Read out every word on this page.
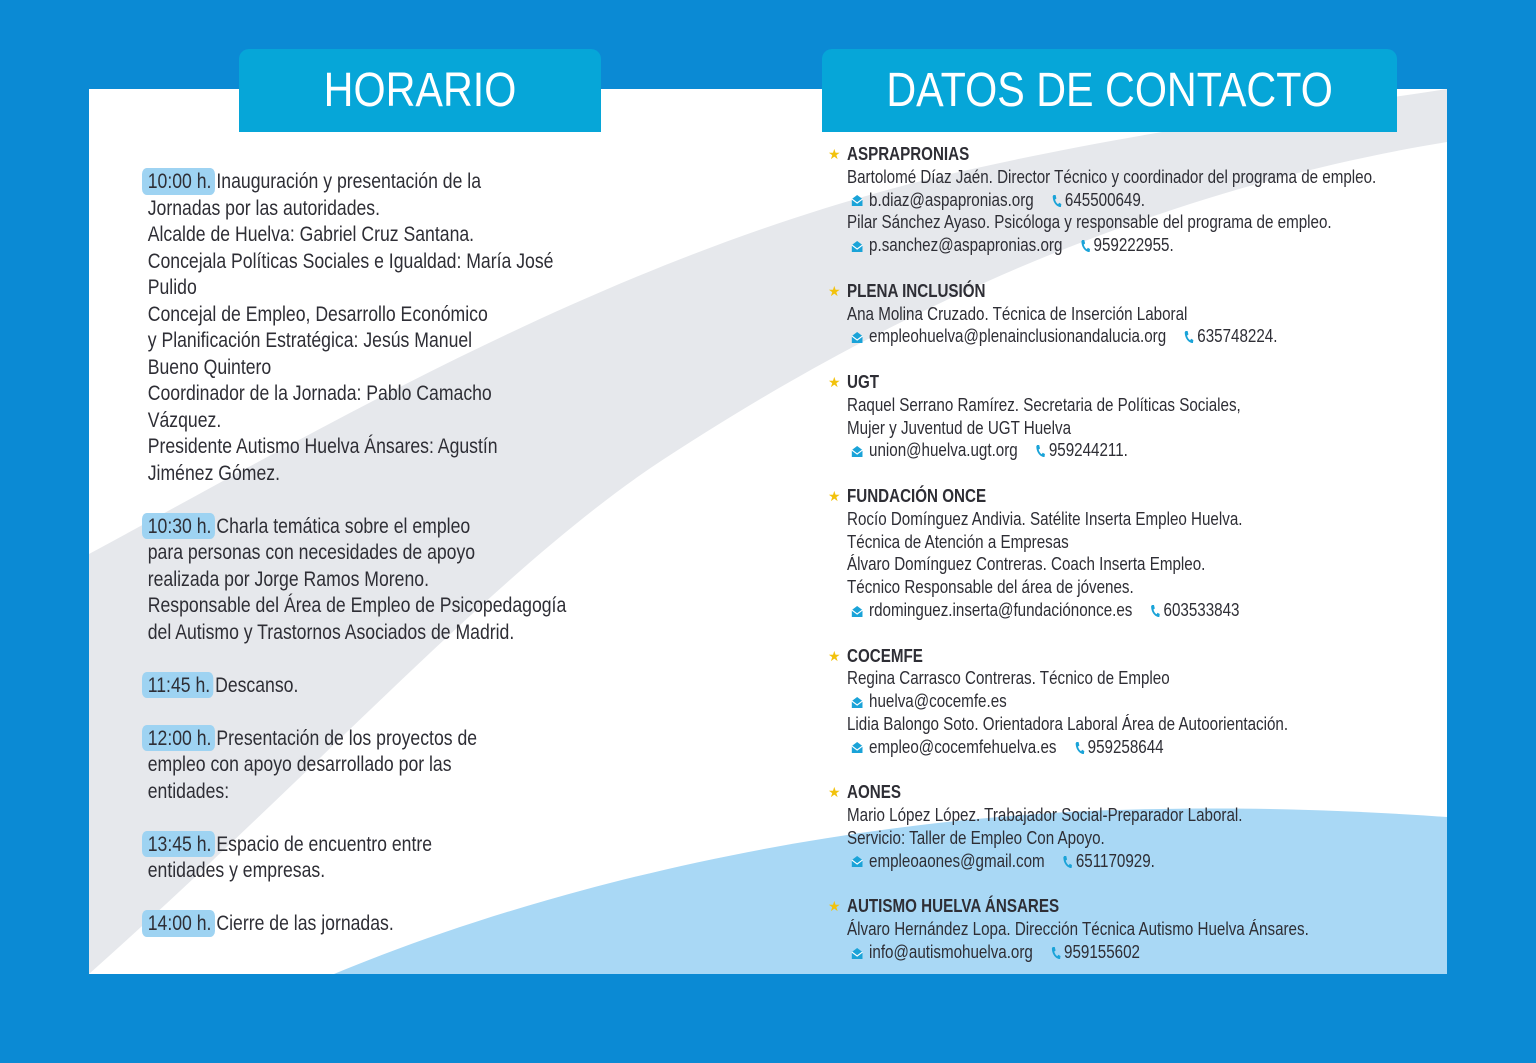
HORARIO	DATOS DE CONTACTO
10:00 h. Inauguración y presentación de la
Jornadas por las autoridades.
Alcalde de Huelva: Gabriel Cruz Santana.
Concejala Políticas Sociales e Igualdad: María José
Pulido
Concejal de Empleo, Desarrollo Económico
y Planificación Estratégica: Jesús Manuel
Bueno Quintero
Coordinador de la Jornada: Pablo Camacho
Vázquez.
Presidente Autismo Huelva Ánsares: Agustín
Jiménez Gómez.
10:30 h. Charla temática sobre el empleo
para personas con necesidades de apoyo
realizada por Jorge Ramos Moreno.
Responsable del Área de Empleo de Psicopedagogía
del Autismo y Trastornos Asociados de Madrid.
11:45 h. Descanso.
12:00 h. Presentación de los proyectos de
empleo con apoyo desarrollado por las
entidades:
13:45 h. Espacio de encuentro entre
entidades y empresas.
14:00 h. Cierre de las jornadas.
★ ASPRAPRONIAS
Bartolomé Díaz Jaén. Director Técnico y coordinador del programa de empleo.
b.diaz@aspapronias.org 645500649.
Pilar Sánchez Ayaso. Psicóloga y responsable del programa de empleo.
p.sanchez@aspapronias.org 959222955.
★ PLENA INCLUSIÓN
Ana Molina Cruzado. Técnica de Inserción Laboral
empleohuelva@plenainclusionandalucia.org 635748224.
★ UGT
Raquel Serrano Ramírez. Secretaria de Políticas Sociales,
Mujer y Juventud de UGT Huelva
union@huelva.ugt.org 959244211.
★ FUNDACIÓN ONCE
Rocío Domínguez Andivia. Satélite Inserta Empleo Huelva.
Técnica de Atención a Empresas
Álvaro Domínguez Contreras. Coach Inserta Empleo.
Técnico Responsable del área de jóvenes.
rdominguez.inserta@fundaciónonce.es 603533843
★ COCEMFE
Regina Carrasco Contreras. Técnico de Empleo
huelva@cocemfe.es
Lidia Balongo Soto. Orientadora Laboral Área de Autoorientación.
empleo@cocemfehuelva.es 959258644
★ AONES
Mario López López. Trabajador Social-Preparador Laboral.
Servicio: Taller de Empleo Con Apoyo.
empleoaones@gmail.com 651170929.
★ AUTISMO HUELVA ÁNSARES
Álvaro Hernández Lopa. Dirección Técnica Autismo Huelva Ánsares.
info@autismohuelva.org 959155602
